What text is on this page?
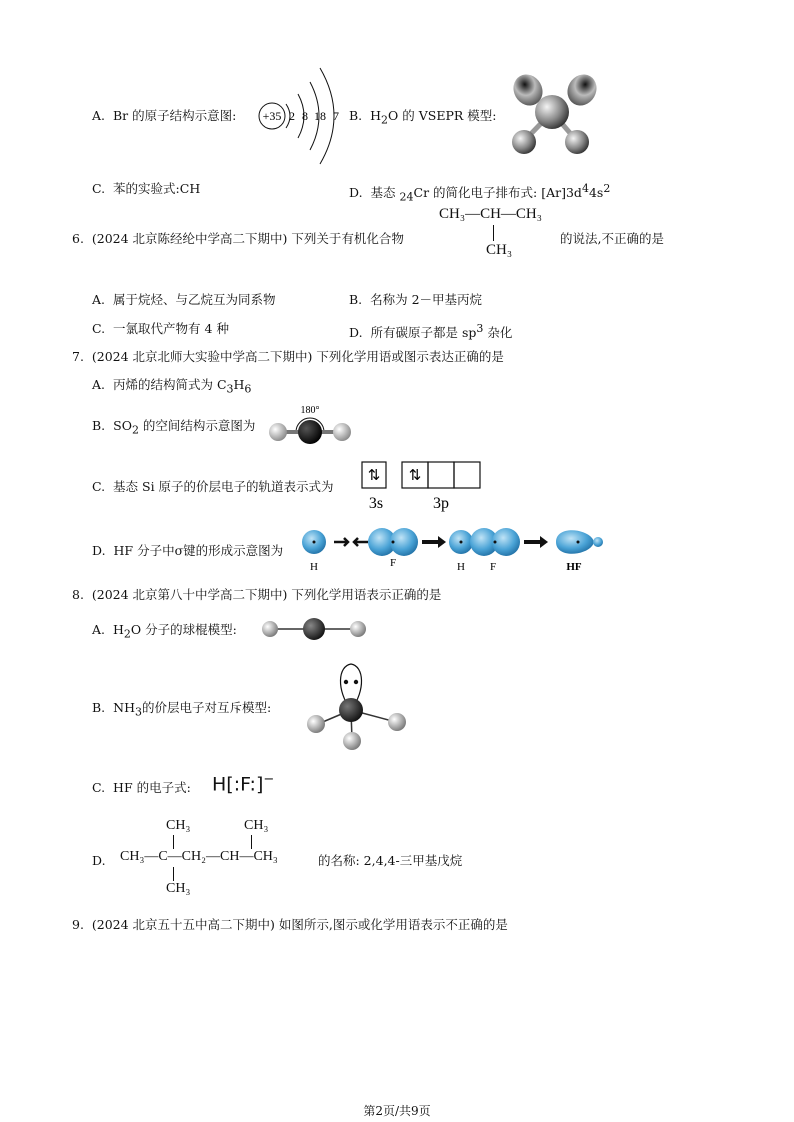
A. Br 的原子结构示意图: +35 2 8 18 7 B. $H_2O$ 的 VSEPR 模型:
C. 苯的实验式:CH	D. 基态 $_{24}$Cr 的简化电子排布式: $[Ar]3d^44s^2$
6. (2024 北京陈经纶中学高二下期中) 下列关于有机化合物
CH₃—CH—CH₃
CH₃
的说法,不正确的是
A. 属于烷烃、与乙烷互为同系物	B. 名称为 2－甲基丙烷
C. 一氯取代产物有 4 种	D. 所有碳原子都是 $sp^3$ 杂化
7. (2024 北京北师大实验中学高二下期中) 下列化学用语或图示表达正确的是
A. 丙烯的结构简式为 $C_3H_6$
B. $SO_2$ 的空间结构示意图为
180°
C. 基态 Si 原子的价层电子的轨道表示式为
⇅ ⇅
3s	3p
D. HF 分子中σ键的形成示意图为
H	F	H F	HF
8. (2024 北京第八十中学高二下期中) 下列化学用语表示正确的是
A. $H_2O$ 分子的球棍模型:
B. $NH_3$的价层电子对互斥模型:
C. HF 的电子式: H[:F:]−
D.
CH₃	CH₃
CH₃—C—CH₂—CH—CH₃
CH₃
的名称: 2,4,4-三甲基戊烷
9. (2024 北京五十五中高二下期中) 如图所示,图示或化学用语表示不正确的是
第2页/共9页
